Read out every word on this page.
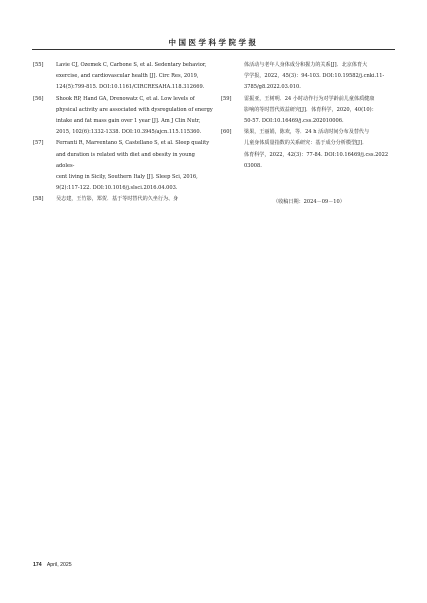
中国医学科学院学报
[55] Lavie CJ, Ozemek C, Carbone S, et al. Sedentary behavior,
exercise, and cardiovascular health [J]. Circ Res, 2019,
124(5):799-815. DOI:10.1161/CIRCRESAHA.118.312669.
[56] Shook RP, Hand GA, Drenowatz C, et al. Low levels of
physical activity are associated with dysregulation of energy
intake and fat mass gain over 1 year [J]. Am J Clin Nutr,
2015, 102(6):1332-1338. DOI:10.3945/ajcn.115.115360.
[57] Ferranti R, Marventano S, Castellano S, et al. Sleep quality
and duration is related with diet and obesity in young adoles-
cent living in Sicily, Southern Italy [J]. Sleep Sci, 2016,
9(2):117-122. DOI:10.1016/j.slsci.2016.04.003.
[58] 吴志建，王竹影，郑贺．基于等时替代的久坐行为、身
体活动与老年人身体成分和握力的关系[J]．北京体育大
学学报，2022，45(3)：94-103. DOI:10.19582/j.cnki.11-
3785/g8.2022.03.010.
[59] 雷振亚，王树明．24 小时动作行为对学龄前儿童体质健康
影响的等时替代效益研究[J]．体育科学，2020，40(10)：
50-57. DOI:10.16469/j.css.202010006.
[60] 梁果，王丽娟，陈欢，等．24 h 活动时间分布及替代与
儿童身体质量指数的关系研究：基于成分分析模型[J]．
体育科学，2022，42(3)：77-84. DOI:10.16469/j.css.2022
03008.
（收稿日期：2024－09－10）
174 April, 2025
